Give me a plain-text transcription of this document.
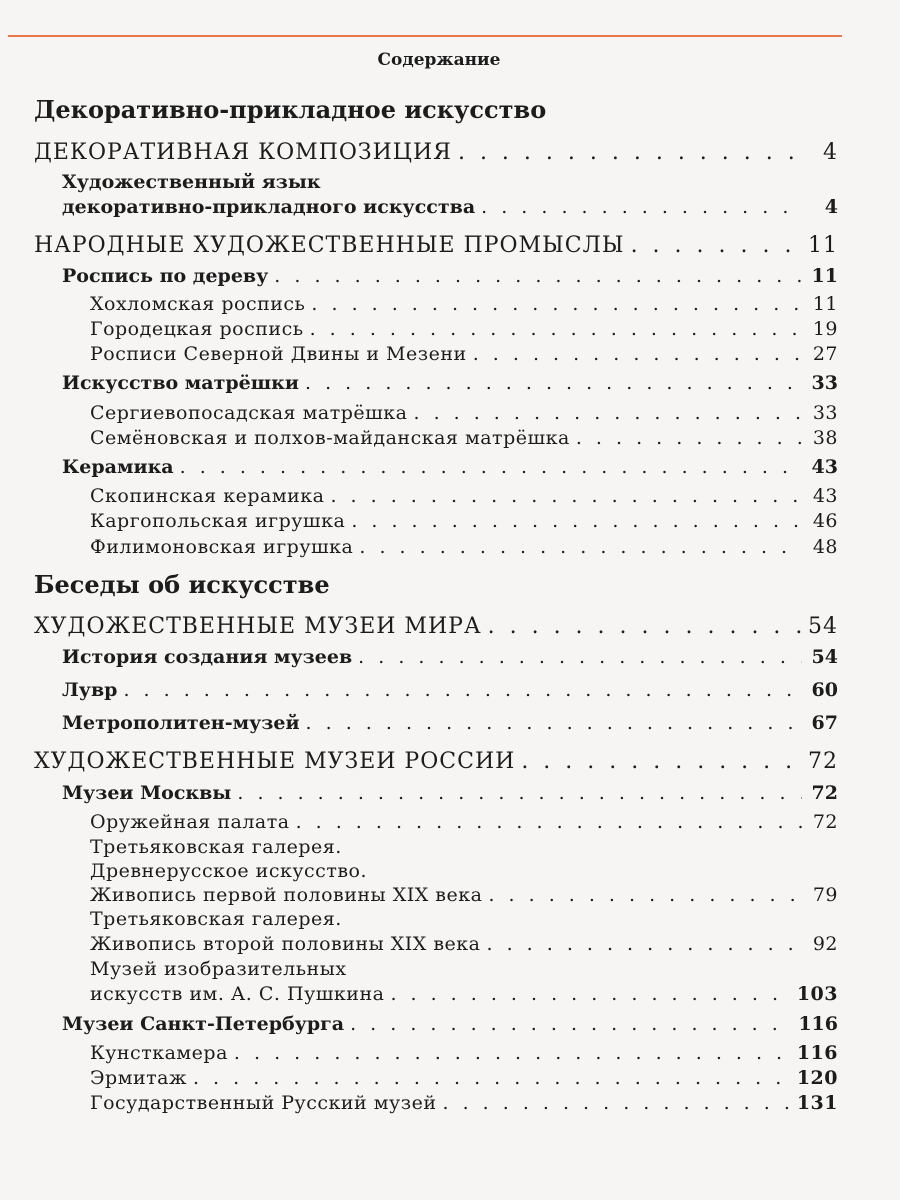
Содержание
Декоративно-прикладное искусство
ДЕКОРАТИВНАЯ КОМПОЗИЦИЯ . . .	4
Художественный язык
декоративно-прикладного искусства . . .	4
НАРОДНЫЕ ХУДОЖЕСТВЕННЫЕ ПРОМЫСЛЫ . . .	11
Роспись по дереву . . .	11
Хохломская роспись . . .	11
Городецкая роспись . . .	19
Росписи Северной Двины и Мезени . . .	27
Искусство матрёшки . . .	33
Сергиевопосадская матрёшка . . .	33
Семёновская и полхов-майданская матрёшка . . .	38
Керамика . . .	43
Скопинская керамика . . .	43
Каргопольская игрушка . . .	46
Филимоновская игрушка . . .	48
Беседы об искусстве
ХУДОЖЕСТВЕННЫЕ МУЗЕИ МИРА . . .	54
История создания музеев . . .	54
Лувр . . .	60
Метрополитен-музей . . .	67
ХУДОЖЕСТВЕННЫЕ МУЗЕИ РОССИИ . . .	72
Музеи Москвы . . .	72
Оружейная палата . . .	72
Третьяковская галерея.
Древнерусское искусство.
Живопись первой половины XIX века . . .	79
Третьяковская галерея.
Живопись второй половины XIX века . . .	92
Музей изобразительных
искусств им. А. С. Пушкина . . .	103
Музеи Санкт-Петербурга . . .	116
Кунсткамера . . .	116
Эрмитаж . . .	120
Государственный Русский музей . . .	131
